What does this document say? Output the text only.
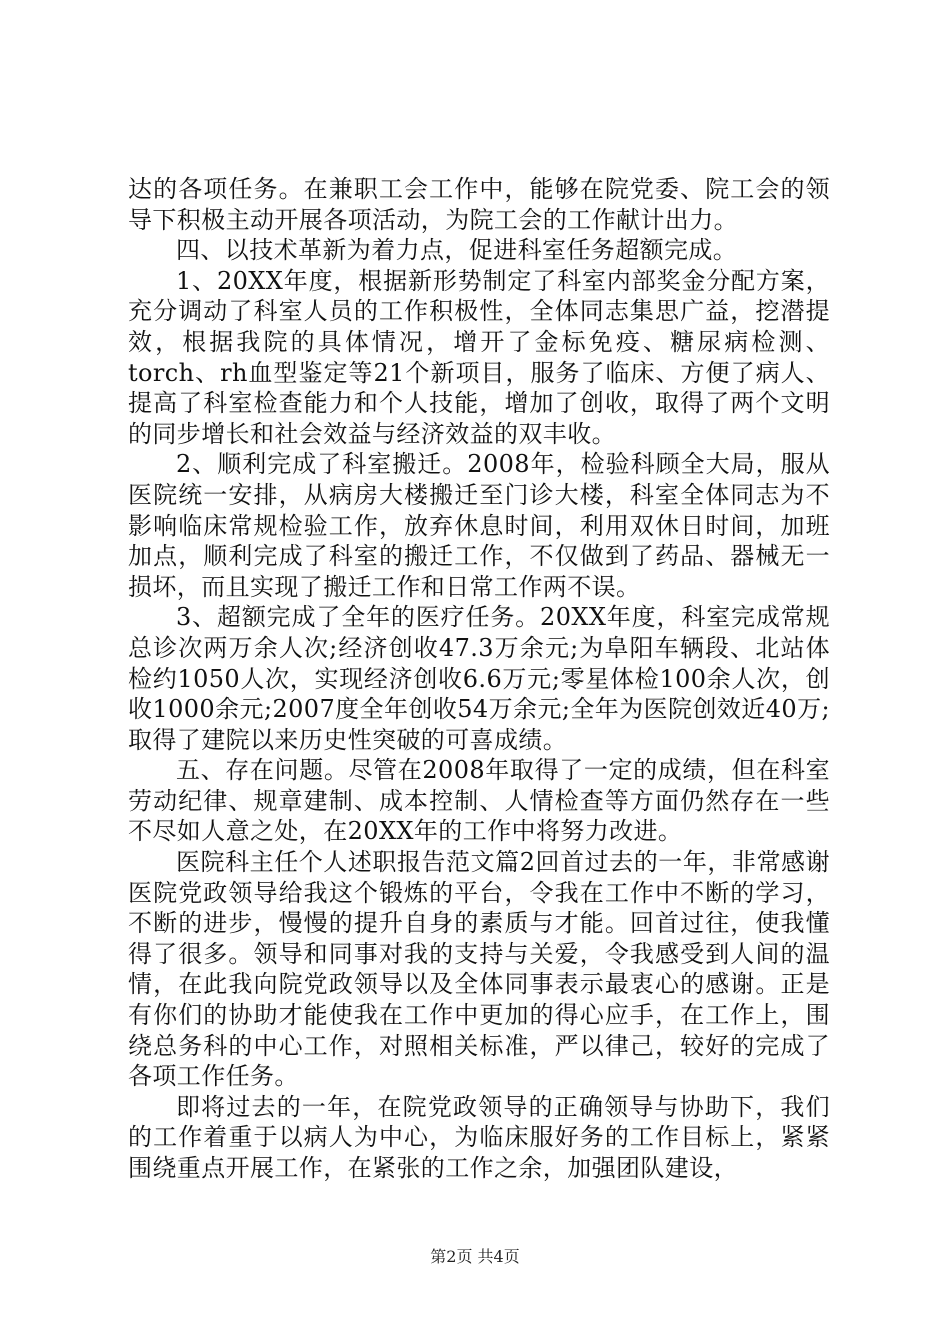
达的各项任务。在兼职工会工作中，能够在院党委、院工会的领导下积极主动开展各项活动，为院工会的工作献计出力。

四、以技术革新为着力点，促进科室任务超额完成。

1、20XX年度，根据新形势制定了科室内部奖金分配方案，充分调动了科室人员的工作积极性，全体同志集思广益，挖潜提效，根据我院的具体情况，增开了金标免疫、糖尿病检测、torch、rh血型鉴定等21个新项目，服务了临床、方便了病人、提高了科室检查能力和个人技能，增加了创收，取得了两个文明的同步增长和社会效益与经济效益的双丰收。

2、顺利完成了科室搬迁。2008年，检验科顾全大局，服从医院统一安排，从病房大楼搬迁至门诊大楼，科室全体同志为不影响临床常规检验工作，放弃休息时间，利用双休日时间，加班加点，顺利完成了科室的搬迁工作，不仅做到了药品、器械无一损坏，而且实现了搬迁工作和日常工作两不误。

3、超额完成了全年的医疗任务。20XX年度，科室完成常规总诊次两万余人次;经济创收47.3万余元;为阜阳车辆段、北站体检约1050人次，实现经济创收6.6万元;零星体检100余人次，创收1000余元;2007度全年创收54万余元;全年为医院创效近40万;取得了建院以来历史性突破的可喜成绩。

五、存在问题。尽管在2008年取得了一定的成绩，但在科室劳动纪律、规章建制、成本控制、人情检查等方面仍然存在一些不尽如人意之处，在20XX年的工作中将努力改进。

医院科主任个人述职报告范文篇2回首过去的一年，非常感谢医院党政领导给我这个锻炼的平台，令我在工作中不断的学习，不断的进步，慢慢的提升自身的素质与才能。回首过往，使我懂得了很多。领导和同事对我的支持与关爱，令我感受到人间的温情，在此我向院党政领导以及全体同事表示最衷心的感谢。正是有你们的协助才能使我在工作中更加的得心应手，在工作上，围绕总务科的中心工作，对照相关标准，严以律己，较好的完成了各项工作任务。

即将过去的一年，在院党政领导的正确领导与协助下，我们的工作着重于以病人为中心，为临床服好务的工作目标上，紧紧围绕重点开展工作，在紧张的工作之余，加强团队建设，

第2页 共4页
